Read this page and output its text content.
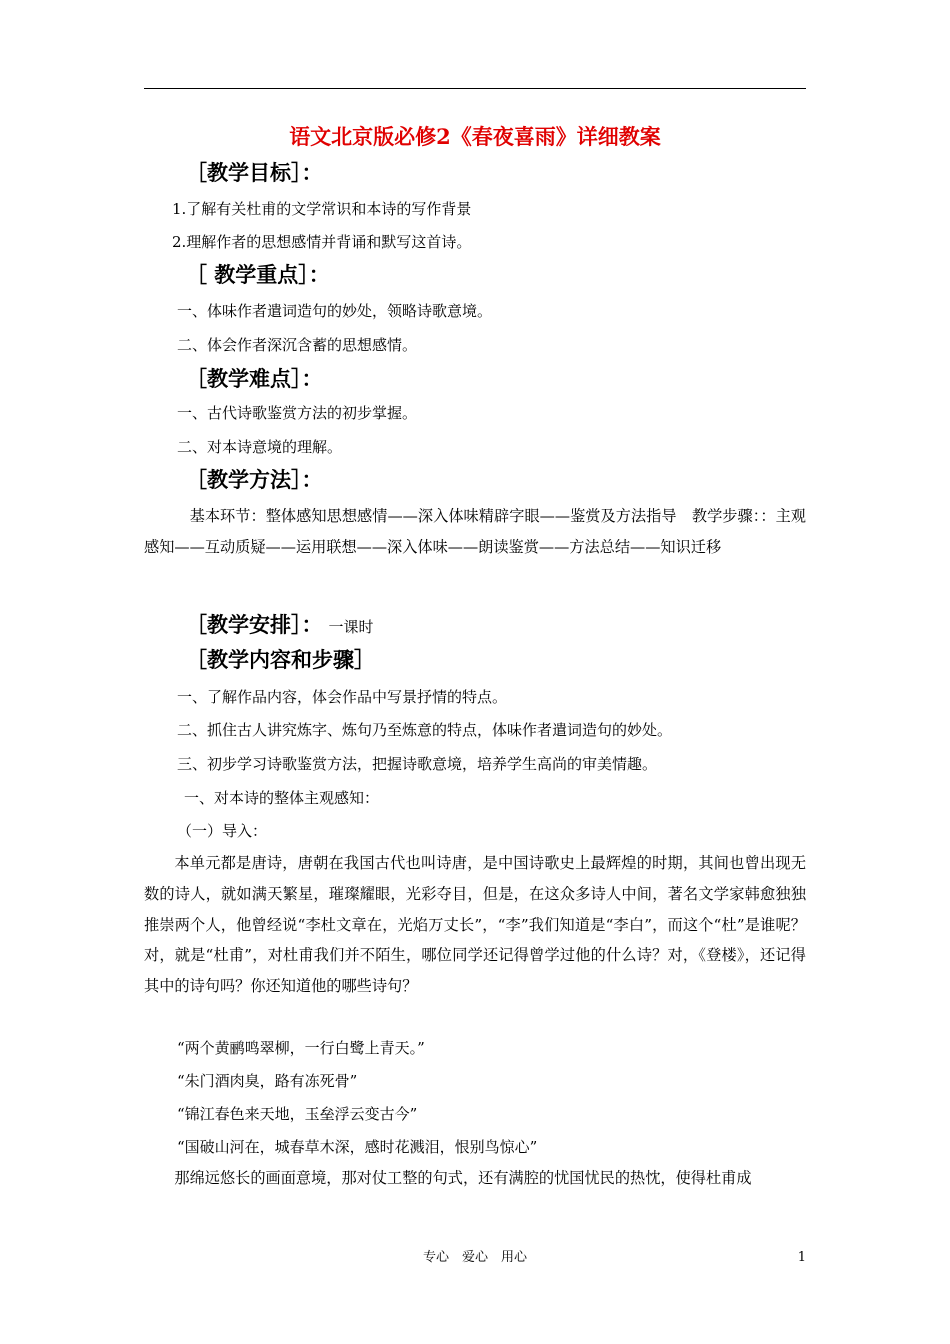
语文北京版必修2《春夜喜雨》详细教案
［教学目标］：
1.了解有关杜甫的文学常识和本诗的写作背景
2.理解作者的思想感情并背诵和默写这首诗。
［ 教学重点］：
一、体味作者遣词造句的妙处，领略诗歌意境。
二、体会作者深沉含蓄的思想感情。
［教学难点］：
一、古代诗歌鉴赏方法的初步掌握。
二、对本诗意境的理解。
［教学方法］：
基本环节：整体感知思想感情——深入体味精辟字眼——鉴赏及方法指导　教学步骤：：主观感知——互动质疑——运用联想——深入体味——朗读鉴赏——方法总结——知识迁移
［教学安排］： 一课时
［教学内容和步骤］
一、了解作品内容，体会作品中写景抒情的特点。
二、抓住古人讲究炼字、炼句乃至炼意的特点，体味作者遣词造句的妙处。
三、初步学习诗歌鉴赏方法，把握诗歌意境，培养学生高尚的审美情趣。
一、对本诗的整体主观感知：
（一）导入：
本单元都是唐诗，唐朝在我国古代也叫诗唐，是中国诗歌史上最辉煌的时期，其间也曾出现无数的诗人，就如满天繁星，璀璨耀眼，光彩夺目，但是，在这众多诗人中间，著名文学家韩愈独独推崇两个人，他曾经说“李杜文章在，光焰万丈长”，“李”我们知道是“李白”，而这个“杜”是谁呢？对，就是“杜甫”，对杜甫我们并不陌生，哪位同学还记得曾学过他的什么诗？对，《登楼》，还记得其中的诗句吗？你还知道他的哪些诗句？
“两个黄鹂鸣翠柳，一行白鹭上青天。”
“朱门酒肉臭，路有冻死骨”
“锦江春色来天地，玉垒浮云变古今”
“国破山河在，城春草木深，感时花溅泪，恨别鸟惊心”
那绵远悠长的画面意境，那对仗工整的句式，还有满腔的忧国忧民的热忱，使得杜甫成
专心　爱心　用心	1
